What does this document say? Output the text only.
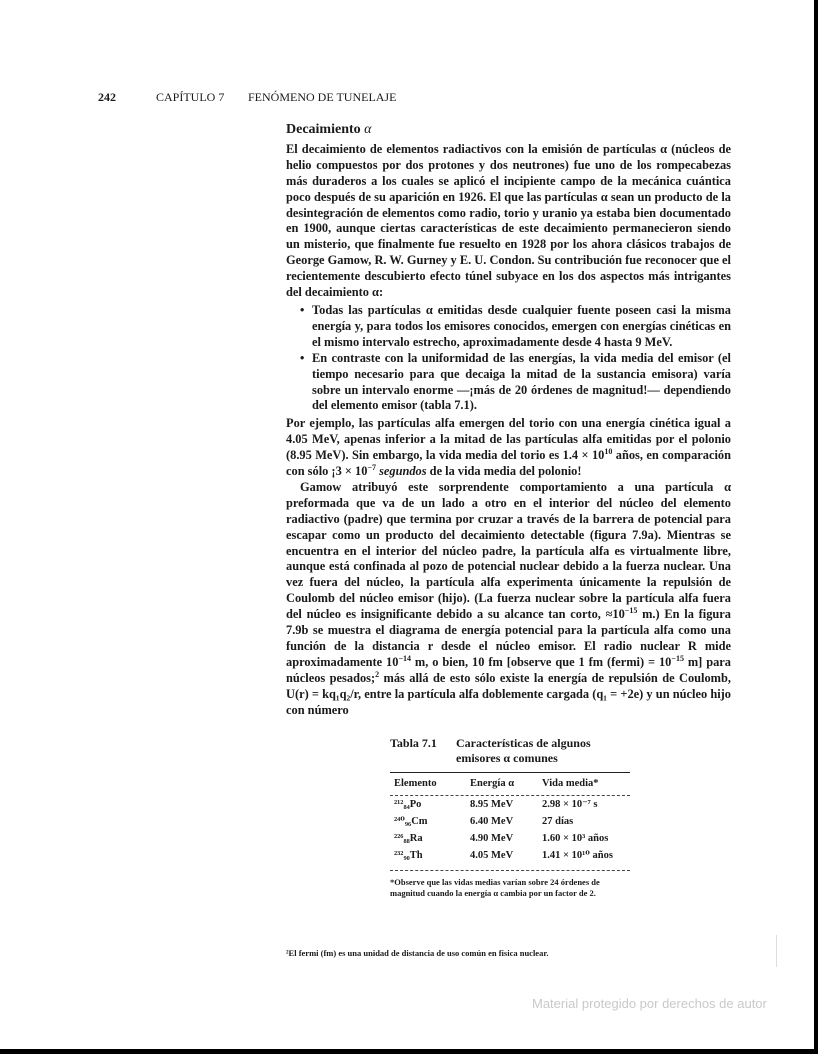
242	CAPÍTULO 7 FENÓMENO DE TUNELAJE
Decaimiento α

El decaimiento de elementos radiactivos con la emisión de partículas α (núcleos de helio compuestos por dos protones y dos neutrones) fue uno de los rompecabezas más duraderos a los cuales se aplicó el incipiente campo de la mecánica cuántica poco después de su aparición en 1926. El que las partículas α sean un producto de la desintegración de elementos como radio, torio y uranio ya estaba bien documentado en 1900, aunque ciertas características de este decaimiento permanecieron siendo un misterio, que finalmente fue resuelto en 1928 por los ahora clásicos trabajos de George Gamow, R. W. Gurney y E. U. Condon. Su contribución fue reconocer que el recientemente descubierto efecto túnel subyace en los dos aspectos más intrigantes del decaimiento α:

• Todas las partículas α emitidas desde cualquier fuente poseen casi la misma energía y, para todos los emisores conocidos, emergen con energías cinéticas en el mismo intervalo estrecho, aproximadamente desde 4 hasta 9 MeV.
• En contraste con la uniformidad de las energías, la vida media del emisor (el tiempo necesario para que decaiga la mitad de la sustancia emisora) varía sobre un intervalo enorme —¡más de 20 órdenes de magnitud!— dependiendo del elemento emisor (tabla 7.1).

Por ejemplo, las partículas alfa emergen del torio con una energía cinética igual a 4.05 MeV, apenas inferior a la mitad de las partículas alfa emitidas por el polonio (8.95 MeV). Sin embargo, la vida media del torio es $1.4 \times 10^{10}$ años, en comparación con sólo ¡$3 \times 10^{-7}$ segundos de la vida media del polonio!

Gamow atribuyó este sorprendente comportamiento a una partícula α preformada que va de un lado a otro en el interior del núcleo del elemento radiactivo (padre) que termina por cruzar a través de la barrera de potencial para escapar como un producto del decaimiento detectable (figura 7.9a). Mientras se encuentra en el interior del núcleo padre, la partícula alfa es virtualmente libre, aunque está confinada al pozo de potencial nuclear debido a la fuerza nuclear. Una vez fuera del núcleo, la partícula alfa experimenta únicamente la repulsión de Coulomb del núcleo emisor (hijo). (La fuerza nuclear sobre la partícula alfa fuera del núcleo es insignificante debido a su alcance tan corto, $\approx 10^{-15}$ m.) En la figura 7.9b se muestra el diagrama de energía potencial para la partícula alfa como una función de la distancia r desde el núcleo emisor. El radio nuclear R mide aproximadamente $10^{-14}$ m, o bien, 10 fm [observe que 1 fm (fermi) = $10^{-15}$ m] para núcleos pesados;$^2$ más allá de esto sólo existe la energía de repulsión de Coulomb, U(r) = kq₁q₂/r, entre la partícula alfa doblemente cargada (q₁ = +2e) y un núcleo hijo con número

Tabla 7.1	Características de algunos
emisores α comunes
Elemento	Energía α	Vida media*

²¹²₈₄Po	8.95 MeV	2.98 × 10⁻⁷ s
²⁴⁰₉₆Cm	6.40 MeV	27 días
²²⁶₈₈Ra	4.90 MeV	1.60 × 10³ años
²³²₉₀Th	4.05 MeV	1.41 × 10¹⁰ años
*Observe que las vidas medias varían sobre 24 órdenes de magnitud cuando la energía α cambia por un factor de 2.
²El fermi (fm) es una unidad de distancia de uso común en física nuclear.
Material protegido por derechos de autor
